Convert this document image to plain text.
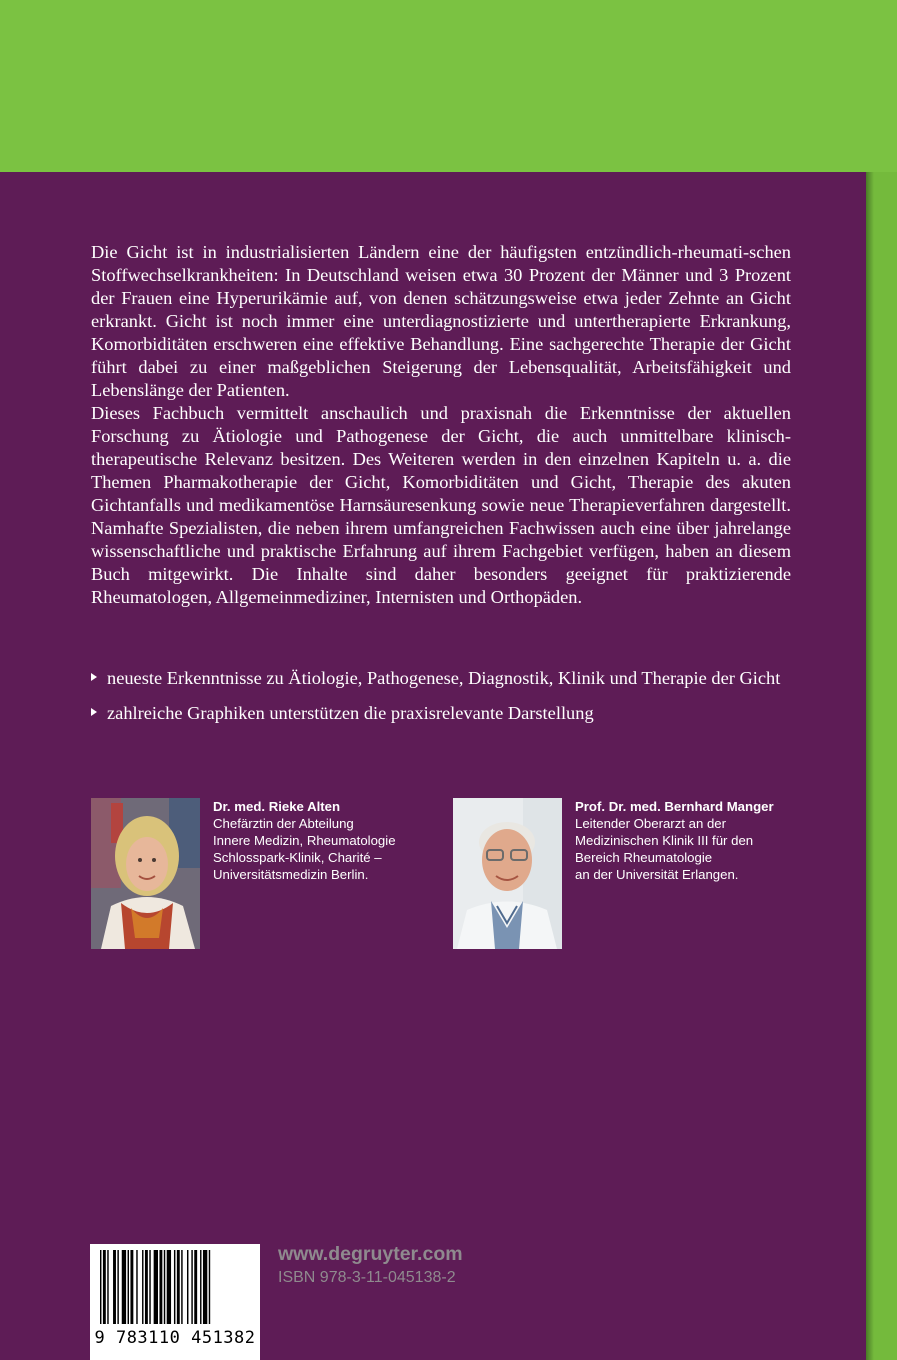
Die Gicht ist in industrialisierten Ländern eine der häufigsten entzündlich-rheumati-schen Stoffwechselkrankheiten: In Deutschland weisen etwa 30 Prozent der Männer und 3 Prozent der Frauen eine Hyperurikämie auf, von denen schätzungsweise etwa jeder Zehnte an Gicht erkrankt. Gicht ist noch immer eine unterdiagnostizierte und untertherapierte Erkrankung, Komorbiditäten erschweren eine effektive Behandlung. Eine sachgerechte Therapie der Gicht führt dabei zu einer maßgeblichen Steigerung der Lebensqualität, Arbeitsfähigkeit und Lebenslänge der Patienten.

Dieses Fachbuch vermittelt anschaulich und praxisnah die Erkenntnisse der aktuellen Forschung zu Ätiologie und Pathogenese der Gicht, die auch unmittelbare klinisch-therapeutische Relevanz besitzen. Des Weiteren werden in den einzelnen Kapiteln u. a. die Themen Pharmakotherapie der Gicht, Komorbiditäten und Gicht, Therapie des akuten Gichtanfalls und medikamentöse Harnsäuresenkung sowie neue Therapieverfahren dargestellt. Namhafte Spezialisten, die neben ihrem umfangreichen Fachwissen auch eine über jahrelange wissenschaftliche und praktische Erfahrung auf ihrem Fachgebiet verfügen, haben an diesem Buch mitgewirkt. Die Inhalte sind daher besonders geeignet für praktizierende Rheumatologen, Allgemeinmediziner, Internisten und Orthopäden.

neueste Erkenntnisse zu Ätiologie, Pathogenese, Diagnostik, Klinik und Therapie der Gicht
zahlreiche Graphiken unterstützen die praxisrelevante Darstellung
Dr. med. Rieke Alten
Chefärztin der Abteilung
Innere Medizin, Rheumatologie
Schlosspark-Klinik, Charité –
Universitätsmedizin Berlin.
Prof. Dr. med. Bernhard Manger
Leitender Oberarzt an der
Medizinischen Klinik III für den
Bereich Rheumatologie
an der Universität Erlangen.
9 783110 451382
www.degruyter.com
ISBN 978-3-11-045138-2
